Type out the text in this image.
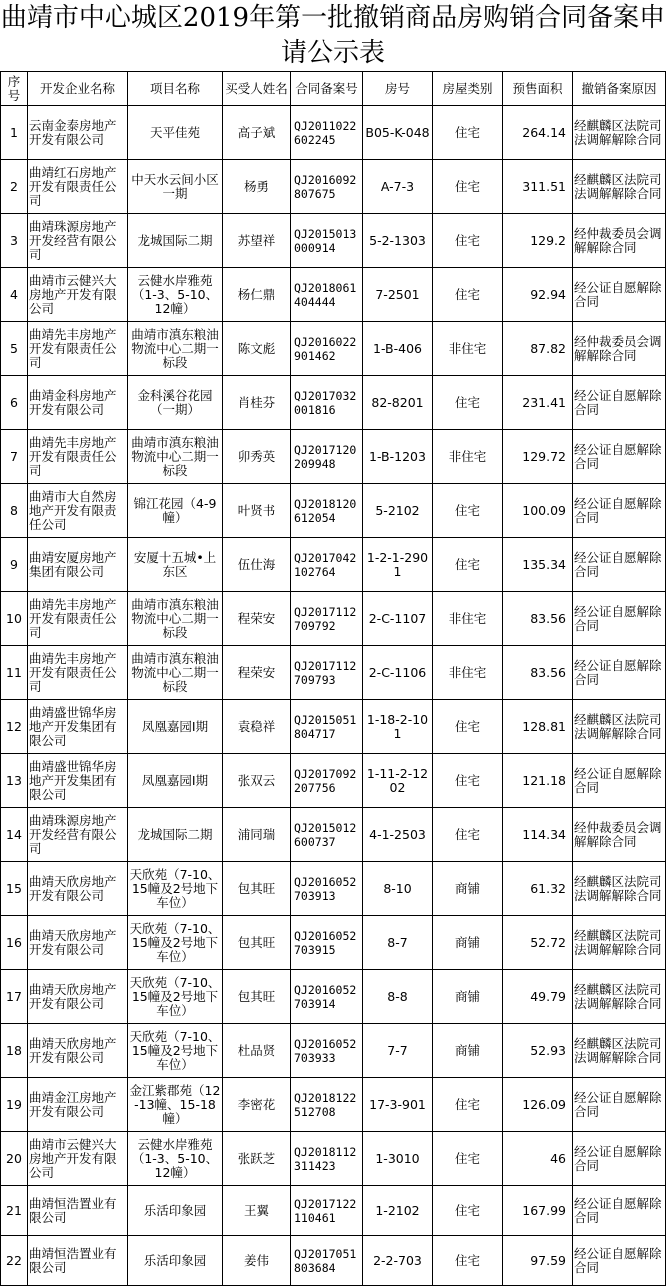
曲靖市中心城区2019年第一批撤销商品房购销合同备案申请公示表
序号	开发企业名称	项目名称	买受人姓名	合同备案号	房号	房屋类别	预售面积	撤销备案原因
1	云南金泰房地产开发有限公司	天平佳苑	高子斌	QJ2011022602245	B05-K-048	住宅	264.14	经麒麟区法院司法调解解除合同
2	曲靖红石房地产开发有限责任公司	中天水云间小区一期	杨勇	QJ2016092807675	A-7-3	住宅	311.51	经麒麟区法院司法调解解除合同
3	曲靖珠源房地产开发经营有限公司	龙城国际二期	苏望祥	QJ2015013000914	5-2-1303	住宅	129.2	经仲裁委员会调解解除合同
4	曲靖市云健兴大房地产开发有限公司	云健水岸雅苑（1-3、5-10、12幢）	杨仁鼎	QJ2018061404444	7-2501	住宅	92.94	经公证自愿解除合同
5	曲靖先丰房地产开发有限责任公司	曲靖市滇东粮油物流中心二期一标段	陈文彪	QJ2016022901462	1-B-406	非住宅	87.82	经仲裁委员会调解解除合同
6	曲靖金科房地产开发有限公司	金科溪谷花园（一期）	肖桂芬	QJ2017032001816	82-8201	住宅	231.41	经公证自愿解除合同
7	曲靖先丰房地产开发有限责任公司	曲靖市滇东粮油物流中心二期一标段	卯秀英	QJ2017120209948	1-B-1203	非住宅	129.72	经公证自愿解除合同
8	曲靖市大自然房地产开发有限责任公司	锦江花园（4-9幢）	叶贤书	QJ2018120612054	5-2102	住宅	100.09	经公证自愿解除合同
9	曲靖安厦房地产集团有限公司	安厦十五城•上东区	伍仕海	QJ2017042102764	1-2-1-2901	住宅	135.34	经公证自愿解除合同
10	曲靖先丰房地产开发有限责任公司	曲靖市滇东粮油物流中心二期一标段	程荣安	QJ2017112709792	2-C-1107	非住宅	83.56	经公证自愿解除合同
11	曲靖先丰房地产开发有限责任公司	曲靖市滇东粮油物流中心二期一标段	程荣安	QJ2017112709793	2-C-1106	非住宅	83.56	经公证自愿解除合同
12	曲靖盛世锦华房地产开发集团有限公司	凤凰嘉园Ⅰ期	袁稳祥	QJ2015051804717	1-18-2-101	住宅	128.81	经麒麟区法院司法调解解除合同
13	曲靖盛世锦华房地产开发集团有限公司	凤凰嘉园Ⅰ期	张双云	QJ2017092207756	1-11-2-1202	住宅	121.18	经公证自愿解除合同
14	曲靖珠源房地产开发经营有限公司	龙城国际二期	浦同瑞	QJ2015012600737	4-1-2503	住宅	114.34	经仲裁委员会调解解除合同
15	曲靖天欣房地产开发有限公司	天欣苑（7-10、15幢及2号地下车位）	包其旺	QJ2016052703913	8-10	商铺	61.32	经麒麟区法院司法调解解除合同
16	曲靖天欣房地产开发有限公司	天欣苑（7-10、15幢及2号地下车位）	包其旺	QJ2016052703915	8-7	商铺	52.72	经麒麟区法院司法调解解除合同
17	曲靖天欣房地产开发有限公司	天欣苑（7-10、15幢及2号地下车位）	包其旺	QJ2016052703914	8-8	商铺	49.79	经麒麟区法院司法调解解除合同
18	曲靖天欣房地产开发有限公司	天欣苑（7-10、15幢及2号地下车位）	杜品贤	QJ2016052703933	7-7	商铺	52.93	经麒麟区法院司法调解解除合同
19	曲靖金江房地产开发有限公司	金江紫郡苑（12-13幢、15-18幢）	李密花	QJ2018122512708	17-3-901	住宅	126.09	经公证自愿解除合同
20	曲靖市云健兴大房地产开发有限公司	云健水岸雅苑（1-3、5-10、12幢）	张跃芝	QJ2018112311423	1-3010	住宅	46	经公证自愿解除合同
21	曲靖恒浩置业有限公司	乐活印象园	王翼	QJ2017122110461	1-2102	住宅	167.99	经公证自愿解除合同
22	曲靖恒浩置业有限公司	乐活印象园	姜伟	QJ2017051803684	2-2-703	住宅	97.59	经公证自愿解除合同
